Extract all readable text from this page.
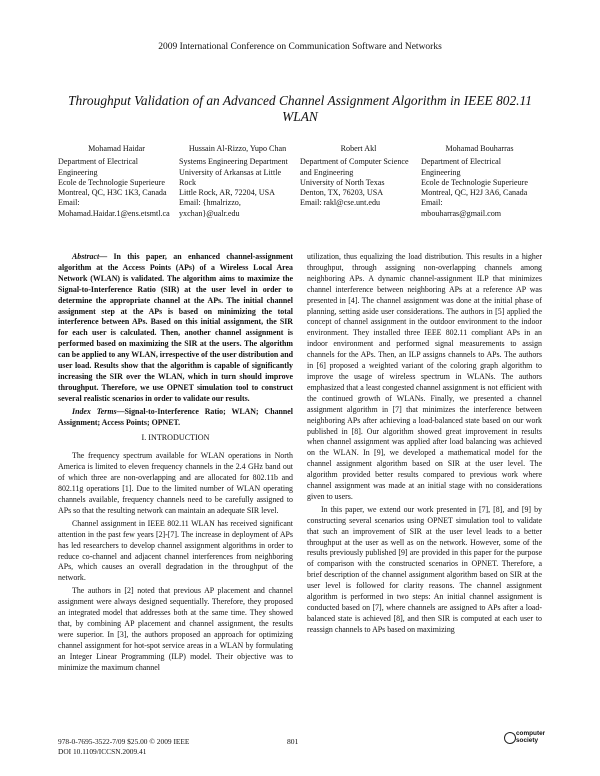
2009 International Conference on Communication Software and Networks
Throughput Validation of an Advanced Channel Assignment Algorithm in IEEE 802.11 WLAN
Mohamad Haidar

Department of Electrical Engineering
Ecole de Technologie Superieure
Montreal, QC, H3C 1K3, Canada
Email:
Mohamad.Haidar.1@ens.etsmtl.ca

Hussain Al-Rizzo, Yupo Chan

Systems Engineering Department
University of Arkansas at Little Rock
Little Rock, AR, 72204, USA
Email: {hmalrizzo, yxchan}@ualr.edu

Robert Akl

Department of Computer Science and Engineering
University of North Texas
Denton, TX, 76203, USA
Email: rakl@cse.unt.edu

Mohamad Bouharras

Department of Electrical Engineering
Ecole de Technologie Superieure
Montreal, QC, H2J 3A6, Canada
Email:
mbouharras@gmail.com

Abstract— In this paper, an enhanced channel-assignment algorithm at the Access Points (APs) of a Wireless Local Area Network (WLAN) is validated. The algorithm aims to maximize the Signal-to-Interference Ratio (SIR) at the user level in order to determine the appropriate channel at the APs. The initial channel assignment step at the APs is based on minimizing the total interference between APs. Based on this initial assignment, the SIR for each user is calculated. Then, another channel assignment is performed based on maximizing the SIR at the users. The algorithm can be applied to any WLAN, irrespective of the user distribution and user load. Results show that the algorithm is capable of significantly increasing the SIR over the WLAN, which in turn should improve throughput. Therefore, we use OPNET simulation tool to construct several realistic scenarios in order to validate our results.

Index Terms—Signal-to-Interference Ratio; WLAN; Channel Assignment; Access Points; OPNET.

I. INTRODUCTION

The frequency spectrum available for WLAN operations in North America is limited to eleven frequency channels in the 2.4 GHz band out of which three are non-overlapping and are allocated for 802.11b and 802.11g operations [1]. Due to the limited number of WLAN operating channels available, frequency channels need to be carefully assigned to APs so that the resulting network can maintain an adequate SIR level.

Channel assignment in IEEE 802.11 WLAN has received significant attention in the past few years [2]-[7]. The increase in deployment of APs has led researchers to develop channel assignment algorithms in order to reduce co-channel and adjacent channel interferences from neighboring APs, which causes an overall degradation in the throughput of the network.

The authors in [2] noted that previous AP placement and channel assignment were always designed sequentially. Therefore, they proposed an integrated model that addresses both at the same time. They showed that, by combining AP placement and channel assignment, the results were superior. In [3], the authors proposed an approach for optimizing channel assignment for hot-spot service areas in a WLAN by formulating an Integer Linear Programming (ILP) model. Their objective was to minimize the maximum channel

utilization, thus equalizing the load distribution. This results in a higher throughput, through assigning non-overlapping channels among neighboring APs. A dynamic channel-assignment ILP that minimizes channel interference between neighboring APs at a reference AP was presented in [4]. The channel assignment was done at the initial phase of planning, setting aside user considerations. The authors in [5] applied the concept of channel assignment in the outdoor environment to the indoor environment. They installed three IEEE 802.11 compliant APs in an indoor environment and performed signal measurements to assign channels for the APs. Then, an ILP assigns channels to APs. The authors in [6] proposed a weighted variant of the coloring graph algorithm to improve the usage of wireless spectrum in WLANs. The authors emphasized that a least congested channel assignment is not efficient with the continued growth of WLANs. Finally, we presented a channel assignment algorithm in [7] that minimizes the interference between neighboring APs after achieving a load-balanced state based on our work published in [8]. Our algorithm showed great improvement in results when channel assignment was applied after load balancing was achieved on the WLAN. In [9], we developed a mathematical model for the channel assignment algorithm based on SIR at the user level. The algorithm provided better results compared to previous work where channel assignment was made at an initial stage with no considerations given to users.

In this paper, we extend our work presented in [7], [8], and [9] by constructing several scenarios using OPNET simulation tool to validate that such an improvement of SIR at the user level leads to a better throughput at the user as well as on the network. However, some of the results previously published [9] are provided in this paper for the purpose of comparison with the constructed scenarios in OPNET. Therefore, a brief description of the channel assignment algorithm based on SIR at the user level is followed for clarity reasons. The channel assignment algorithm is performed in two steps: An initial channel assignment is conducted based on [7], where channels are assigned to APs after a load-balanced state is achieved [8], and then SIR is computed at each user to reassign channels to APs based on maximizing

978-0-7695-3522-7/09 $25.00 © 2009 IEEE
DOI 10.1109/ICCSN.2009.41
801
computer
society
